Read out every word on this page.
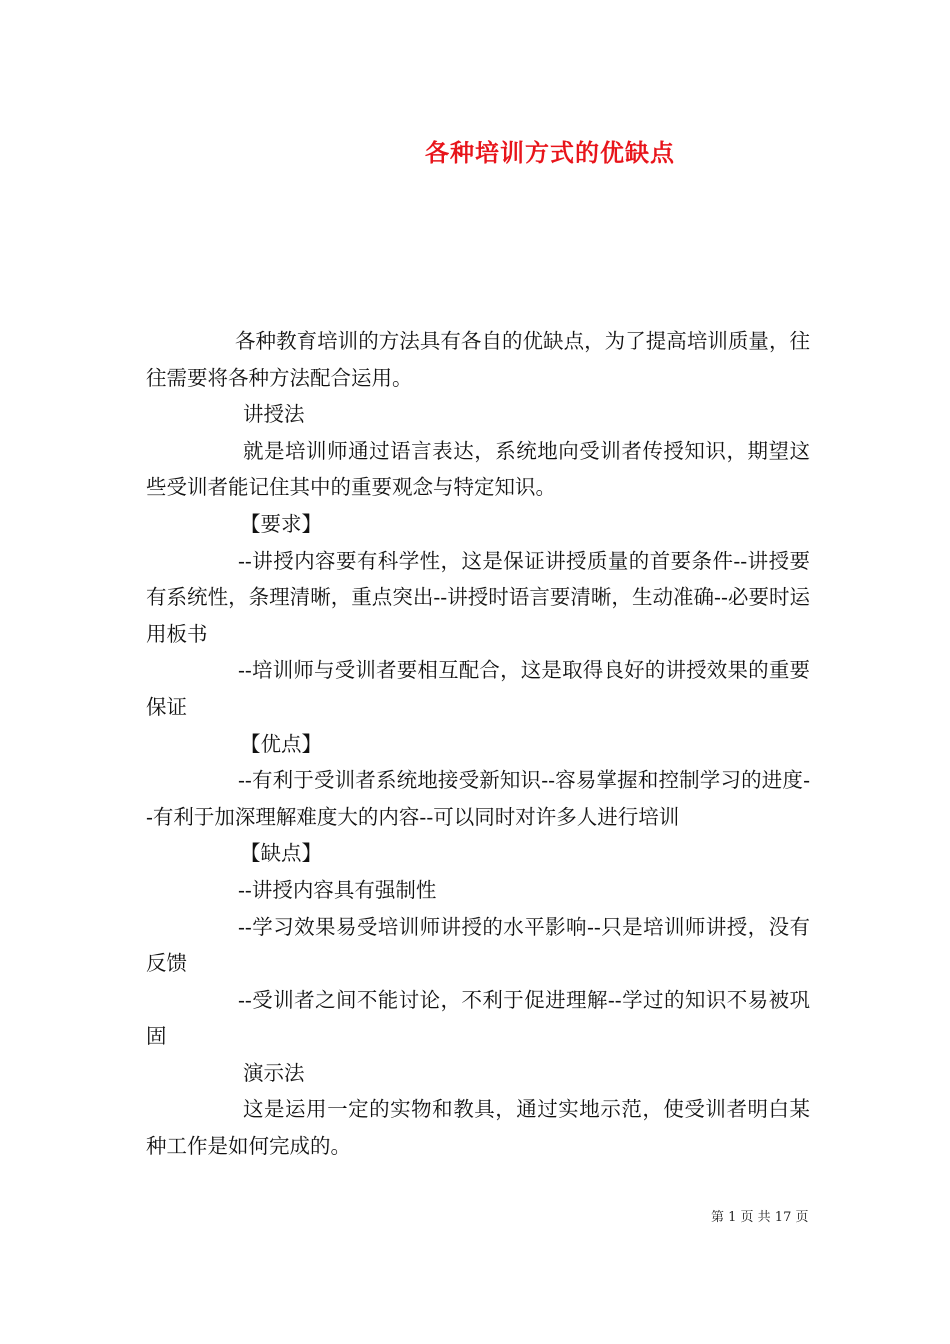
各种培训方式的优缺点

各种教育培训的方法具有各自的优缺点，为了提高培训质量，往往需要将各种方法配合运用。

讲授法

就是培训师通过语言表达，系统地向受训者传授知识，期望这些受训者能记住其中的重要观念与特定知识。

【要求】

--讲授内容要有科学性，这是保证讲授质量的首要条件--讲授要有系统性，条理清晰，重点突出--讲授时语言要清晰，生动准确--必要时运用板书

--培训师与受训者要相互配合，这是取得良好的讲授效果的重要保证

【优点】

--有利于受训者系统地接受新知识--容易掌握和控制学习的进度--有利于加深理解难度大的内容--可以同时对许多人进行培训

【缺点】

--讲授内容具有强制性

--学习效果易受培训师讲授的水平影响--只是培训师讲授，没有反馈

--受训者之间不能讨论，不利于促进理解--学过的知识不易被巩固

演示法

这是运用一定的实物和教具，通过实地示范，使受训者明白某种工作是如何完成的。

第 1 页 共 17 页
